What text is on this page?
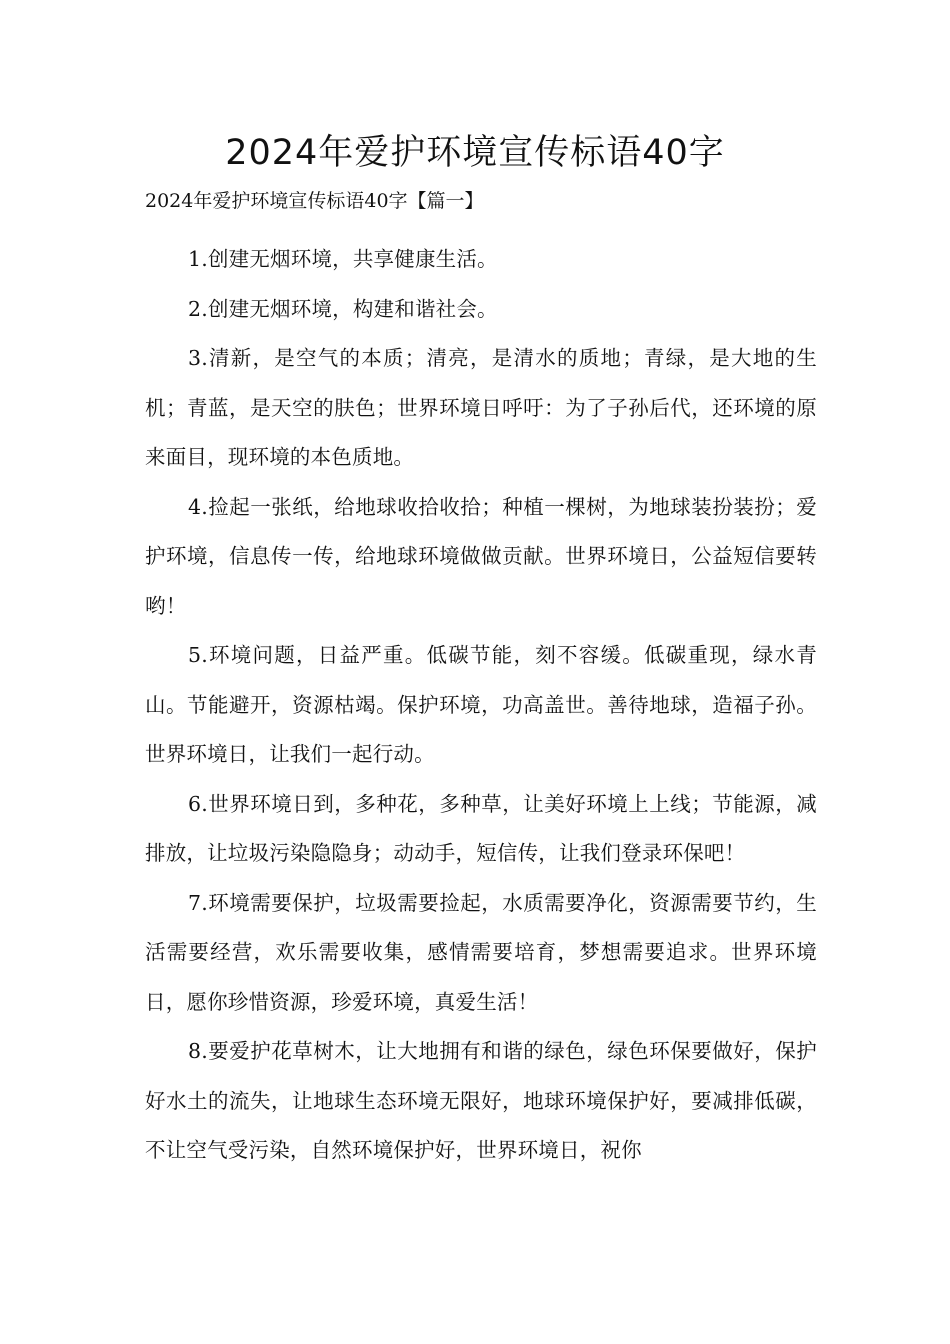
2024年爱护环境宣传标语40字
2024年爱护环境宣传标语40字【篇一】

1.创建无烟环境，共享健康生活。

2.创建无烟环境，构建和谐社会。

3.清新，是空气的本质；清亮，是清水的质地；青绿，是大地的生机；青蓝，是天空的肤色；世界环境日呼吁：为了子孙后代，还环境的原来面目，现环境的本色质地。

4.捡起一张纸，给地球收拾收拾；种植一棵树，为地球装扮装扮；爱护环境，信息传一传，给地球环境做做贡献。世界环境日，公益短信要转哟！

5.环境问题，日益严重。低碳节能，刻不容缓。低碳重现，绿水青山。节能避开，资源枯竭。保护环境，功高盖世。善待地球，造福子孙。世界环境日，让我们一起行动。

6.世界环境日到，多种花，多种草，让美好环境上上线；节能源，减排放，让垃圾污染隐隐身；动动手，短信传，让我们登录环保吧！

7.环境需要保护，垃圾需要捡起，水质需要净化，资源需要节约，生活需要经营，欢乐需要收集，感情需要培育，梦想需要追求。世界环境日，愿你珍惜资源，珍爱环境，真爱生活！

8.要爱护花草树木，让大地拥有和谐的绿色，绿色环保要做好，保护好水土的流失，让地球生态环境无限好，地球环境保护好，要减排低碳，不让空气受污染，自然环境保护好，世界环境日，祝你
